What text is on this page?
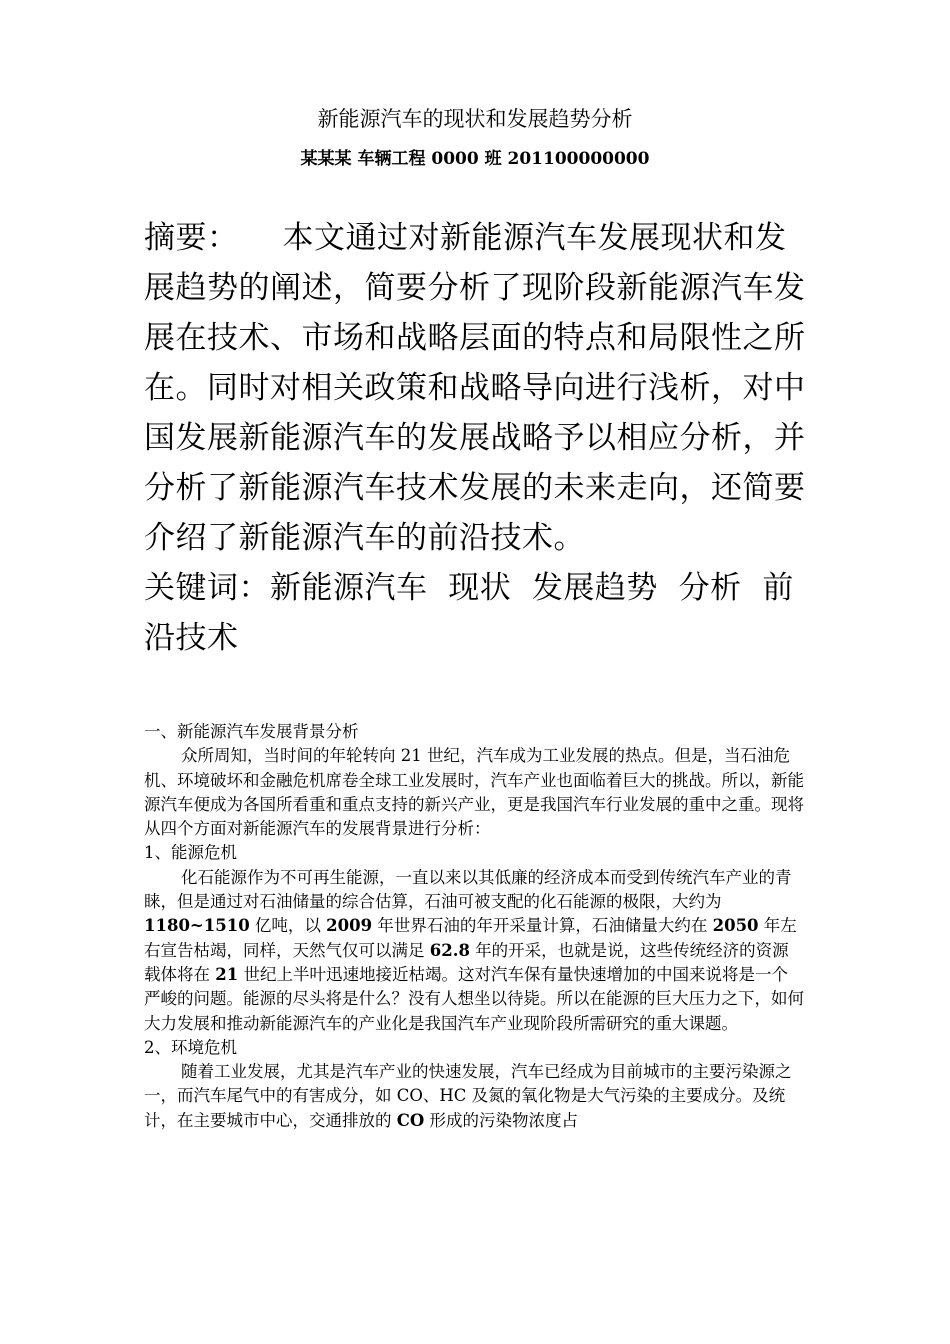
新能源汽车的现状和发展趋势分析
某某某 车辆工程 0000 班 201100000000
摘要： 本文通过对新能源汽车发展现状和发展趋势的阐述，简要分析了现阶段新能源汽车发展在技术、市场和战略层面的特点和局限性之所在。同时对相关政策和战略导向进行浅析，对中国发展新能源汽车的发展战略予以相应分析，并分析了新能源汽车技术发展的未来走向，还简要介绍了新能源汽车的前沿技术。
关键词：新能源汽车  现状  发展趋势  分析  前沿技术

一、新能源汽车发展背景分析

众所周知，当时间的年轮转向 21 世纪，汽车成为工业发展的热点。但是，当石油危机、环境破坏和金融危机席卷全球工业发展时，汽车产业也面临着巨大的挑战。所以，新能源汽车便成为各国所看重和重点支持的新兴产业，更是我国汽车行业发展的重中之重。现将从四个方面对新能源汽车的发展背景进行分析：

1、能源危机

化石能源作为不可再生能源，一直以来以其低廉的经济成本而受到传统汽车产业的青睐，但是通过对石油储量的综合估算，石油可被支配的化石能源的极限，大约为 1180~1510 亿吨，以 2009 年世界石油的年开采量计算，石油储量大约在 2050 年左右宣告枯竭，同样，天然气仅可以满足 62.8 年的开采，也就是说，这些传统经济的资源载体将在 21 世纪上半叶迅速地接近枯竭。这对汽车保有量快速增加的中国来说将是一个严峻的问题。能源的尽头将是什么？没有人想坐以待毙。所以在能源的巨大压力之下，如何大力发展和推动新能源汽车的产业化是我国汽车产业现阶段所需研究的重大课题。

2、环境危机

随着工业发展，尤其是汽车产业的快速发展，汽车已经成为目前城市的主要污染源之一，而汽车尾气中的有害成分，如 CO、HC 及氮的氧化物是大气污染的主要成分。及统计，在主要城市中心，交通排放的 CO 形成的污染物浓度占
